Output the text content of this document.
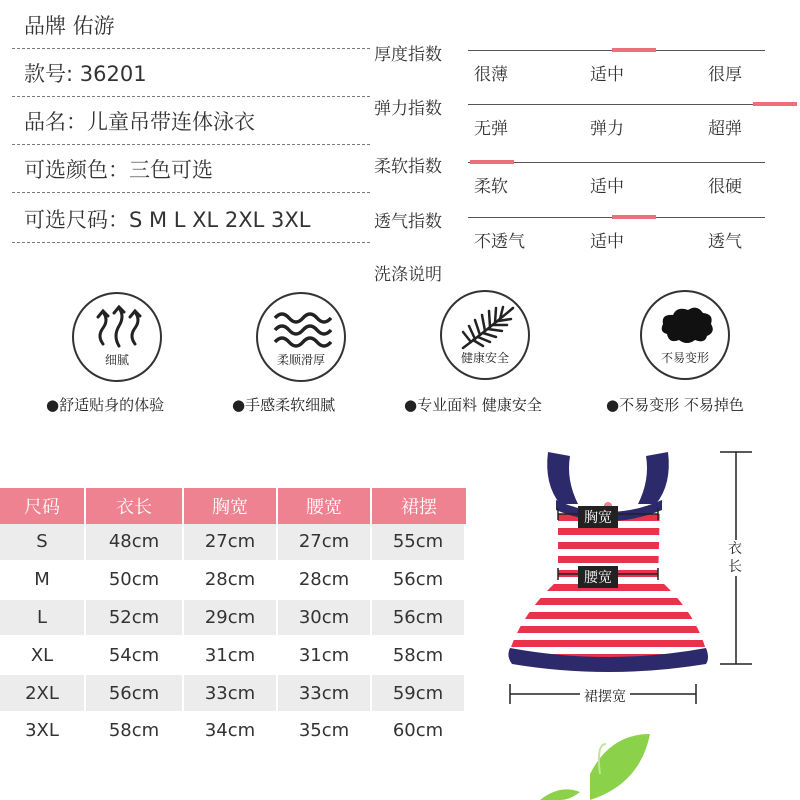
品牌 佑游
款号: 36201
品名：儿童吊带连体泳衣
可选颜色：三色可选
可选尺码：S M L XL 2XL 3XL
厚度指数
很薄	适中	很厚
弹力指数
无弹	弹力	超弹
柔软指数
柔软	适中	很硬
透气指数
不透气	适中	透气
洗涤说明
细腻	柔顺滑厚	健康安全	不易变形
●舒适贴身的体验	●手感柔软细腻	●专业面料 健康安全	●不易变形 不易掉色
尺码	衣长	胸宽	腰宽	裙摆
S	48cm	27cm	27cm	55cm
M	50cm	28cm	28cm	56cm
L	52cm	29cm	30cm	56cm
XL	54cm	31cm	31cm	58cm
2XL	56cm	33cm	33cm	59cm
3XL	58cm	34cm	35cm	60cm
胸宽
腰宽
衣长
裙摆宽
